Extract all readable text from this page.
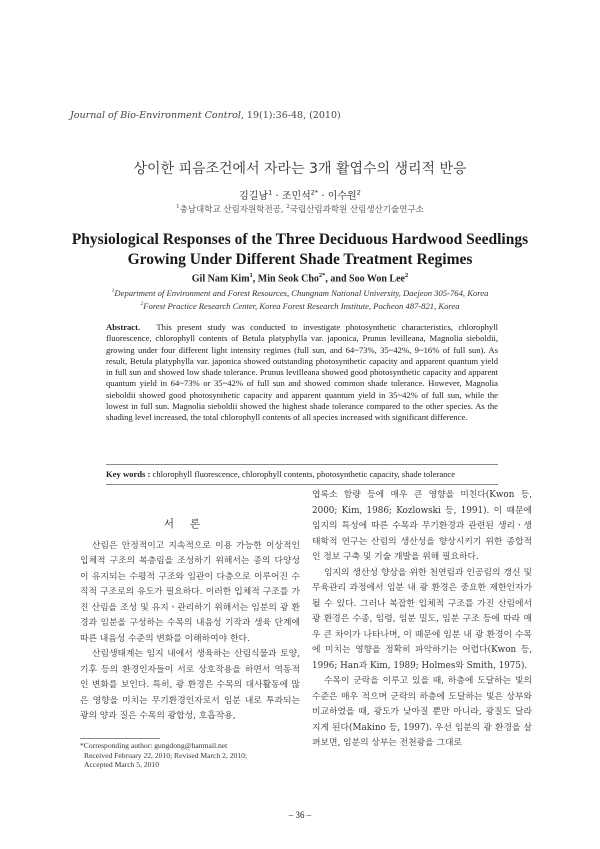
Journal of Bio-Environment Control, 19(1):36-48, (2010)
상이한 피음조건에서 자라는 3개 활엽수의 생리적 반응
김길남$^1$ · 조민석$^{2*}$ · 이수원$^2$
$^1$충남대학교 산림자원학전공, $^2$국립산림과학원 산림생산기술연구소
Physiological Responses of the Three Deciduous Hardwood Seedlings
Growing Under Different Shade Treatment Regimes
Gil Nam Kim$^1$, Min Seok Cho$^{2*}$, and Soo Won Lee$^2$
$^1$Department of Environment and Forest Resources, Chungnam National University, Daejeon 305-764, Korea
$^2$Forest Practice Research Center, Korea Forest Research Institute, Pocheon 487-821, Korea
Abstract. This present study was conducted to investigate photosynthetic characteristics, chlorophyll fluorescence, chlorophyll contents of Betula platyphylla var. japonica, Prunus levilleana, Magnolia sieboldii, growing under four different light intensity regimes (full sun, and 64~73%, 35~42%, 9~16% of full sun). As result, Betula platyphylla var. japonica showed outstanding photosynthetic capacity and apparent quantum yield in full sun and showed low shade tolerance. Prunus levilleana showed good photosynthetic capacity and apparent quantum yield in 64~73% or 35~42% of full sun and showed common shade tolerance. However, Magnolia sieboldii showed good photosynthetic capacity and apparent quantum yield in 35~42% of full sun, while the lowest in full sun. Magnolia sieboldii showed the highest shade tolerance compared to the other species. As the shading level increased, the total chlorophyll contents of all species increased with significant difference.
Key words : chlorophyll fluorescence, chlorophyll contents, photosynthetic capacity, shade tolerance
서론

산림은 안정적이고 지속적으로 이용 가능한 이상적인 입체적 구조의 복층림을 조성하기 위해서는 종의 다양성이 유지되는 수평적 구조와 임관이 다층으로 이루어진 수직적 구조로의 유도가 필요하다. 이러한 입체적 구조를 가진 산림을 조성 및 유지ㆍ관리하기 위해서는 임분의 광 환경과 임분을 구성하는 수목의 내음성 기작과 생육 단계에 따른 내음성 수준의 변화를 이해하여야 한다.

산림생태계는 임지 내에서 생육하는 산림식물과 토양, 기후 등의 환경인자들이 서로 상호작용을 하면서 역동적인 변화를 보인다. 특히, 광 환경은 수목의 대사활동에 많은 영향을 미치는 무기환경인자로서 임분 내로 투과되는 광의 양과 질은 수목의 광합성, 호흡작용,

엽록소 함량 등에 매우 큰 영향을 미친다(Kwon 등, 2000; Kim, 1986; Kozlowski 등, 1991). 이 때문에 임지의 특성에 따른 수목과 무기환경과 관련된 생리ㆍ생태학적 연구는 산림의 생산성을 향상시키기 위한 종합적인 정보 구축 및 기술 개발을 위해 필요하다.

임지의 생산성 향상을 위한 천연림과 인공림의 갱신 및 무육관리 과정에서 임분 내 광 환경은 중요한 제한인자가 될 수 있다. 그러나 복잡한 입체적 구조를 가진 산림에서 광 환경은 수종, 임령, 임분 밀도, 임분 구조 등에 따라 매우 큰 차이가 나타나며, 이 때문에 임분 내 광 환경이 수목에 미치는 영향을 정확히 파악하기는 어렵다(Kwon 등, 1996; Han과 Kim, 1989; Holmes와 Smith, 1975).

수목이 군락을 이루고 있을 때, 하층에 도달하는 빛의 수준은 매우 적으며 군락의 하층에 도달하는 빛은 상부와 비교하였을 때, 광도가 낮아질 뿐만 아니라, 광질도 달라지게 된다(Makino 등, 1997). 우선 임분의 광 환경을 살펴보면, 임분의 상부는 전천광을 그대로

*Corresponding author: gungdong@hanmail.net
Received February 22, 2010; Revised March 2, 2010;
Accepted March 5, 2010
– 36 –
